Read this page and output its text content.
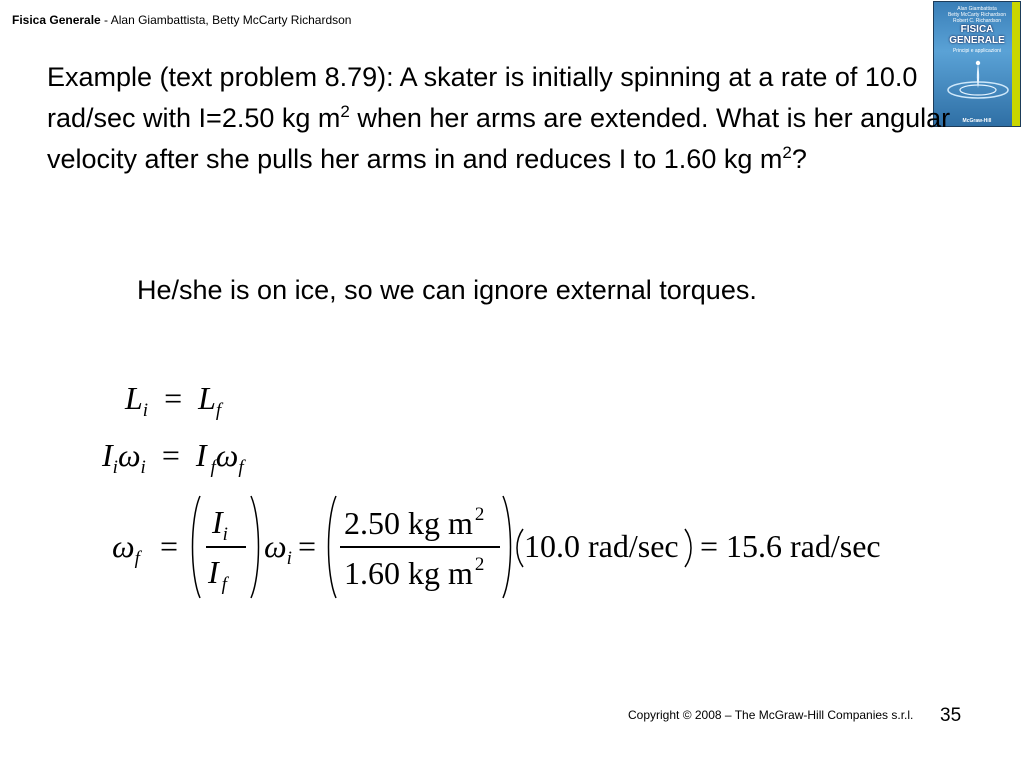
Fisica Generale - Alan Giambattista, Betty McCarty Richardson
Alan Giambattista
Betty McCarty Richardson
Robert C. Richardson
FISICA
GENERALE
Principi e applicazioni
McGraw-Hill
Example (text problem 8.79): A skater is initially spinning at a rate of 10.0 rad/sec with I=2.50 kg $m^2$ when her arms are extended. What is her angular velocity after she pulls her arms in and reduces I to 1.60 kg $m^2$?
He/she is on ice, so we can ignore external torques.
$L_i = L_f$
$I_i\omega_i = I$ $_f\omega_f$
$\omega_f$ =
$I_i$
I $_f$
$\omega_i$ =
2.50 kg m $^2$
1.60 kg m $^2$
10.0 rad/sec = 15.6 rad/sec
Copyright © 2008 – The McGraw-Hill Companies s.r.l. 35
